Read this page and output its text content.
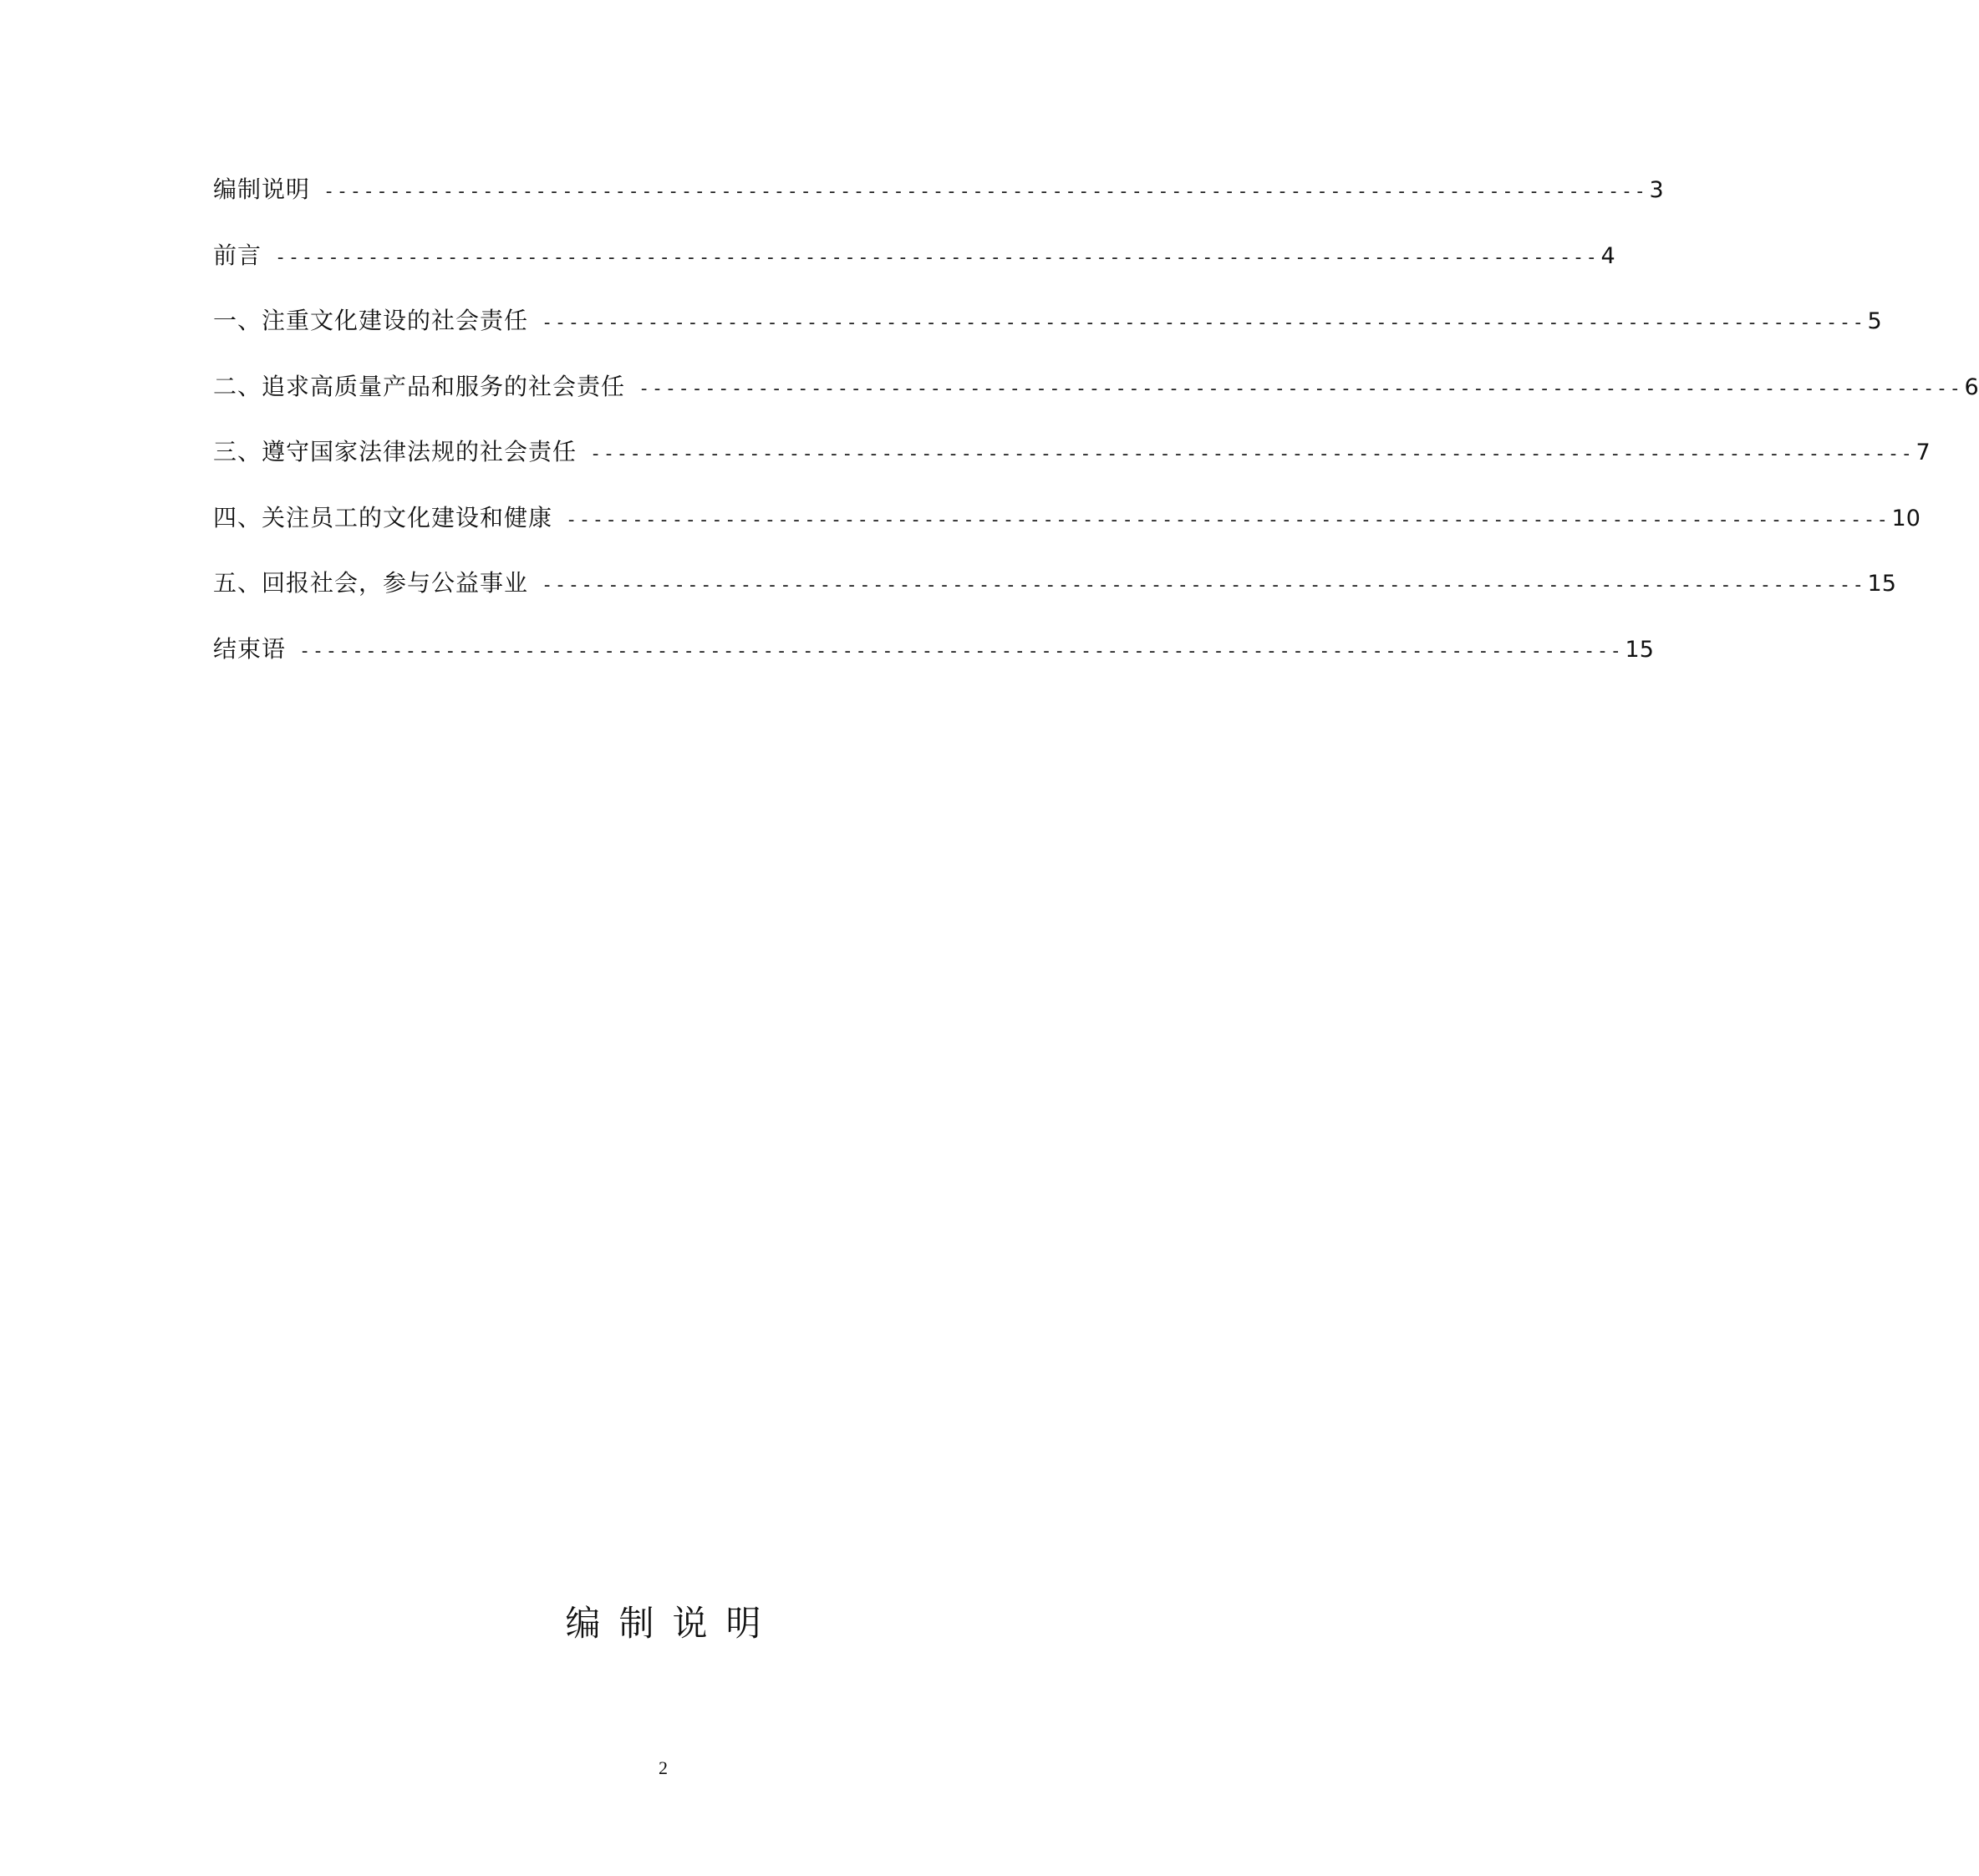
编制说明 ---------------------------------------------------------------------------------------------------- 3
前言 ---------------------------------------------------------------------------------------------------- 4
一、注重文化建设的社会责任 ---------------------------------------------------------------------------------------------------- 5
二、追求高质量产品和服务的社会责任 ---------------------------------------------------------------------------------------------------- 6
三、遵守国家法律法规的社会责任 ---------------------------------------------------------------------------------------------------- 7
四、关注员工的文化建设和健康 ---------------------------------------------------------------------------------------------------- 10
五、回报社会，参与公益事业 ---------------------------------------------------------------------------------------------------- 15
结束语 ---------------------------------------------------------------------------------------------------- 15
编制说明
2
